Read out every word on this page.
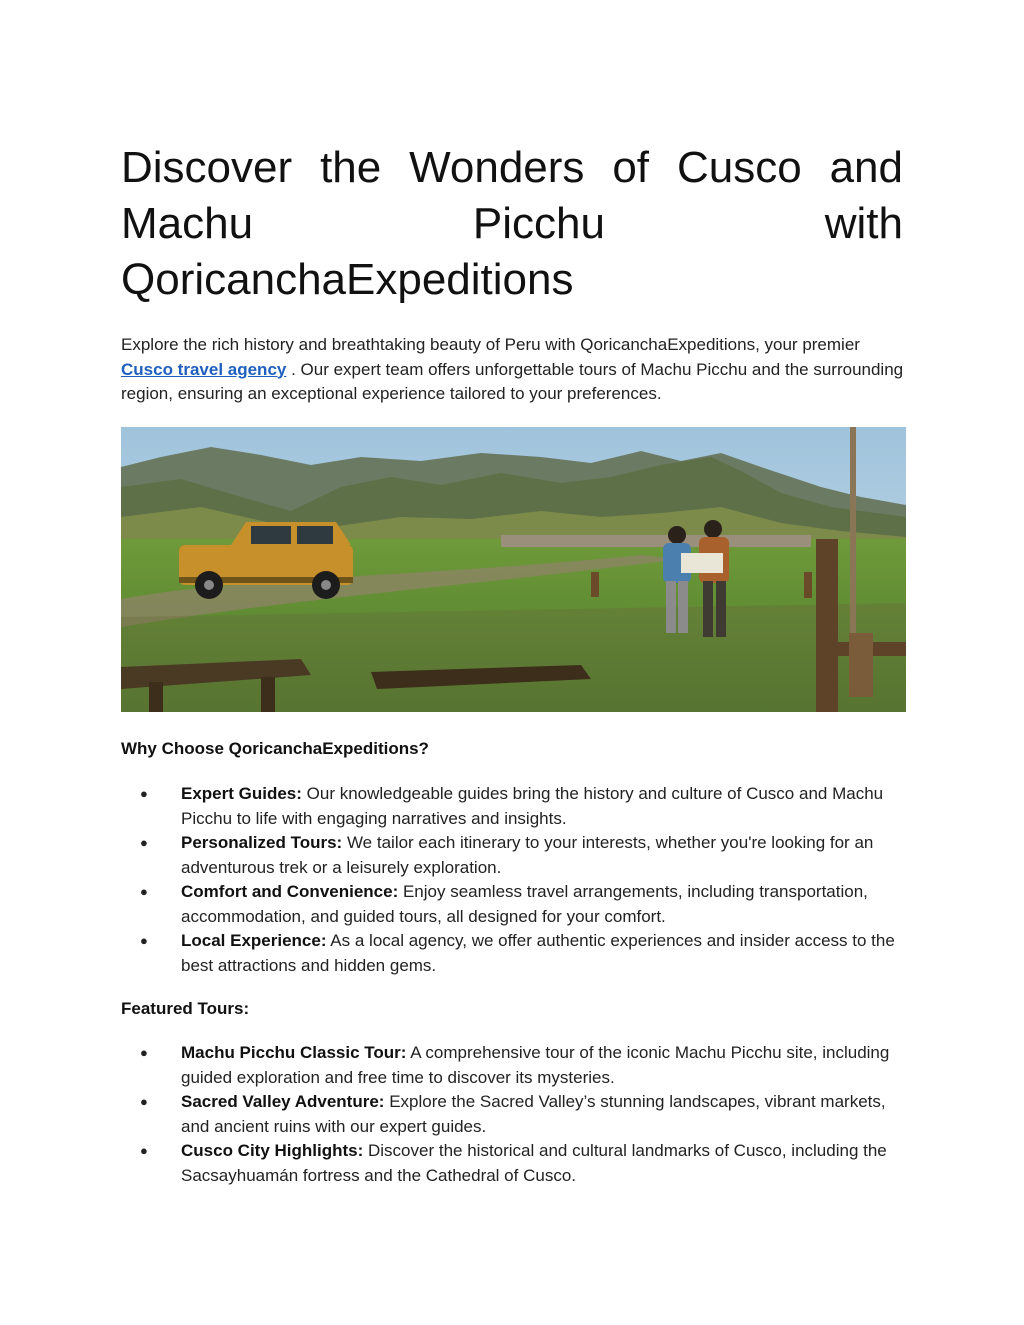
Discover the Wonders of Cusco and Machu Picchu with QoricanchaExpeditions

Explore the rich history and breathtaking beauty of Peru with QoricanchaExpeditions, your premier Cusco travel agency . Our expert team offers unforgettable tours of Machu Picchu and the surrounding region, ensuring an exceptional experience tailored to your preferences.

Why Choose QoricanchaExpeditions?
● Expert Guides: Our knowledgeable guides bring the history and culture of Cusco and Machu Picchu to life with engaging narratives and insights.
● Personalized Tours: We tailor each itinerary to your interests, whether you're looking for an adventurous trek or a leisurely exploration.
● Comfort and Convenience: Enjoy seamless travel arrangements, including transportation, accommodation, and guided tours, all designed for your comfort.
● Local Experience: As a local agency, we offer authentic experiences and insider access to the best attractions and hidden gems.
Featured Tours:
● Machu Picchu Classic Tour: A comprehensive tour of the iconic Machu Picchu site, including guided exploration and free time to discover its mysteries.
● Sacred Valley Adventure: Explore the Sacred Valley’s stunning landscapes, vibrant markets, and ancient ruins with our expert guides.
● Cusco City Highlights: Discover the historical and cultural landmarks of Cusco, including the Sacsayhuamán fortress and the Cathedral of Cusco.
